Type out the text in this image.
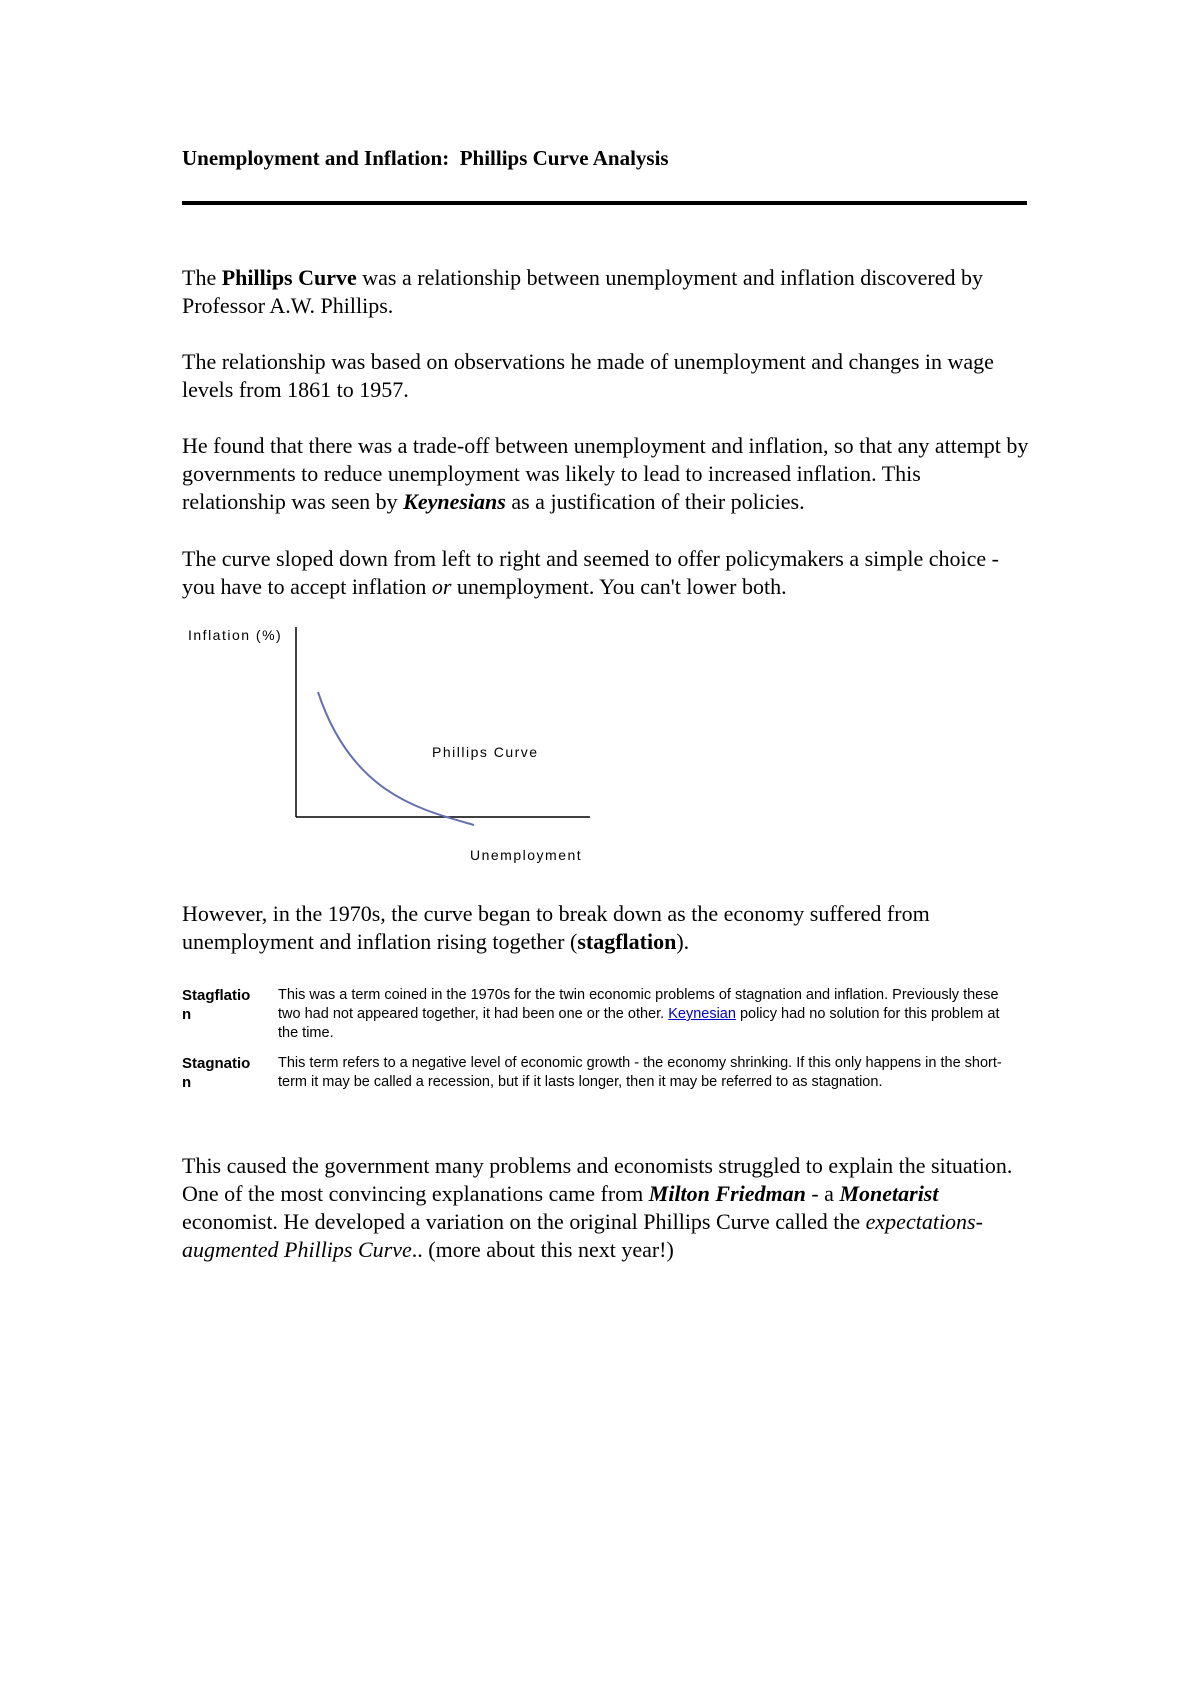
Unemployment and Inflation:  Phillips Curve Analysis

The Phillips Curve was a relationship between unemployment and inflation discovered by Professor A.W. Phillips.

The relationship was based on observations he made of unemployment and changes in wage levels from 1861 to 1957.

He found that there was a trade-off between unemployment and inflation, so that any attempt by governments to reduce unemployment was likely to lead to increased inflation. This relationship was seen by Keynesians as a justification of their policies.

The curve sloped down from left to right and seemed to offer policymakers a simple choice - you have to accept inflation or unemployment. You can't lower both.

Inflation (%)
Phillips Curve
Unemployment

However, in the 1970s, the curve began to break down as the economy suffered from unemployment and inflation rising together (stagflation).

Stagflation
This was a term coined in the 1970s for the twin economic problems of stagnation and inflation. Previously these two had not appeared together, it had been one or the other. Keynesian policy had no solution for this problem at the time.
Stagnation
This term refers to a negative level of economic growth - the economy shrinking. If this only happens in the short-term it may be called a recession, but if it lasts longer, then it may be referred to as stagnation.

This caused the government many problems and economists struggled to explain the situation. One of the most convincing explanations came from Milton Friedman - a Monetarist economist. He developed a variation on the original Phillips Curve called the expectations-augmented Phillips Curve.. (more about this next year!)
